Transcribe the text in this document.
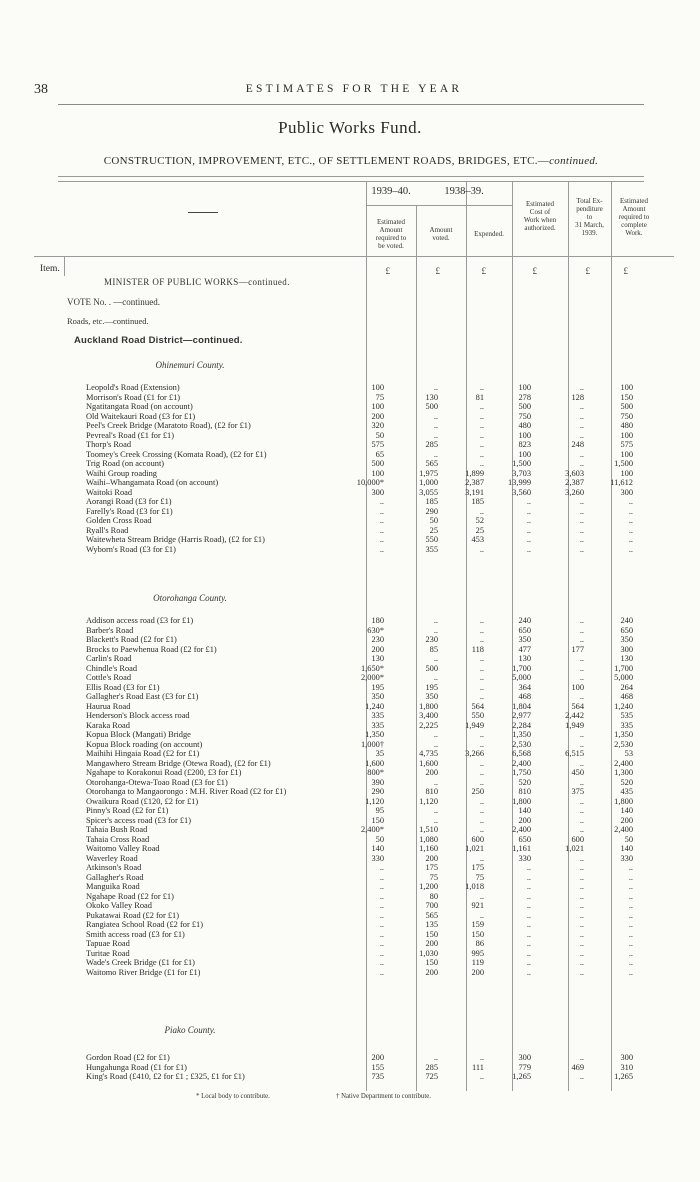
38	ESTIMATES FOR THE YEAR
Public Works Fund.
CONSTRUCTION, IMPROVEMENT, ETC., OF SETTLEMENT ROADS, BRIDGES, ETC.—continued.
1939–40.	1938–39.
Estimated
Amount
required to
be voted.
Amount
voted.
Expended.
Estimated
Cost of
Work when
authorized.
Total Ex-
penditure
to
31 March,
1939.
Estimated
Amount
required to
complete
Work.
Item.	£	£	£	£	£	£
MINISTER OF PUBLIC WORKS—continued.
VOTE No. . —continued.
Roads, etc.—continued.
Auckland Road District—continued.
Ohinemuri County.
Leopold's Road (Extension)	100	..	..	100	..	100
Morrison's Road (£1 for £1)	75	130	81	278	128	150
Ngatitangata Road (on account)	100	500	..	500	..	500
Old Waitekauri Road (£3 for £1)	200	..	..	750	..	750
Peel's Creek Bridge (Maratoto Road), (£2 for £1)	320	..	..	480	..	480
Pevreal's Road (£1 for £1)	50	..	..	100	..	100
Thorp's Road	575	285	..	823	248	575
Toomey's Creek Crossing (Komata Road), (£2 for £1)	65	..	..	100	..	100
Trig Road (on account)	500	565	..	1,500	..	1,500
Waihi Group roading	100	1,975	1,899	3,703	3,603	100
Waihi–Whangamata Road (on account)	10,000*	1,000	2,387	13,999	2,387	11,612
Waitoki Road	300	3,055	3,191	3,560	3,260	300
Aorangi Road (£3 for £1)	..	185	185	..	..	..
Farelly's Road (£3 for £1)	..	290	..	..	..	..
Golden Cross Road	..	50	52	..	..	..
Ryall's Road	..	25	25	..	..	..
Waitewheta Stream Bridge (Harris Road), (£2 for £1)	..	550	453	..	..	..
Wyborn's Road (£3 for £1)	..	355	..	..	..	..
Otorohanga County.
Addison access road (£3 for £1)	180	..	..	240	..	240
Barber's Road	630*	..	..	650	..	650
Blackett's Road (£2 for £1)	230	230	..	350	..	350
Brocks to Paewhenua Road (£2 for £1)	200	85	118	477	177	300
Carlin's Road	130	..	..	130	..	130
Chindle's Road	1,650*	500	..	1,700	..	1,700
Cottle's Road	2,000*	..	..	5,000	..	5,000
Ellis Road (£3 for £1)	195	195	..	364	100	264
Gallagher's Road East (£3 for £1)	350	350	..	468	..	468
Haurua Road	1,240	1,800	564	1,804	564	1,240
Henderson's Block access road	335	3,400	550	2,977	2,442	535
Karaka Road	335	2,225	1,949	2,284	1,949	335
Kopua Block (Mangati) Bridge	1,350	..	..	1,350	..	1,350
Kopua Block roading (on account)	1,000†	..	..	2,530	..	2,530
Maihihi Hingaia Road (£2 for £1)	35	4,735	3,266	6,568	6,515	53
Mangawhero Stream Bridge (Otewa Road), (£2 for £1)	1,600	1,600	..	2,400	..	2,400
Ngahape to Korakonui Road (£200, £3 for £1)	800*	200	..	1,750	450	1,300
Otorohanga-Otewa-Toao Road (£3 for £1)	390	..	..	520	..	520
Otorohanga to Mangaorongo : M.H. River Road (£2 for £1)	290	810	250	810	375	435
Owaikura Road (£120, £2 for £1)	1,120	1,120	..	1,800	..	1,800
Pinny's Road (£2 for £1)	95	..	..	140	..	140
Spicer's access road (£3 for £1)	150	..	..	200	..	200
Tahaia Bush Road	2,400*	1,510	..	2,400	..	2,400
Tahaia Cross Road	50	1,080	600	650	600	50
Waitomo Valley Road	140	1,160	1,021	1,161	1,021	140
Waverley Road	330	200	..	330	..	330
Atkinson's Road	..	175	175	..	..	..
Gallagher's Road	..	75	75	..	..	..
Manguika Road	..	1,200	1,018	..	..	..
Ngahape Road (£2 for £1)	..	80	..	..	..	..
Okoko Valley Road	..	700	921	..	..	..
Pukatawai Road (£2 for £1)	..	565	..	..	..	..
Rangiatea School Road (£2 for £1)	..	135	159	..	..	..
Smith access road (£3 for £1)	..	150	150	..	..	..
Tapuae Road	..	200	86	..	..	..
Turitae Road	..	1,030	995	..	..	..
Wade's Creek Bridge (£1 for £1)	..	150	119	..	..	..
Waitomo River Bridge (£1 for £1)	..	200	200	..	..	..
Piako County.
Gordon Road (£2 for £1)	200	..	..	300	..	300
Hungahunga Road (£1 for £1)	155	285	111	779	469	310
King's Road (£410, £2 for £1 ; £325, £1 for £1)	735	725	..	1,265	..	1,265
* Local body to contribute.	† Native Department to contribute.
